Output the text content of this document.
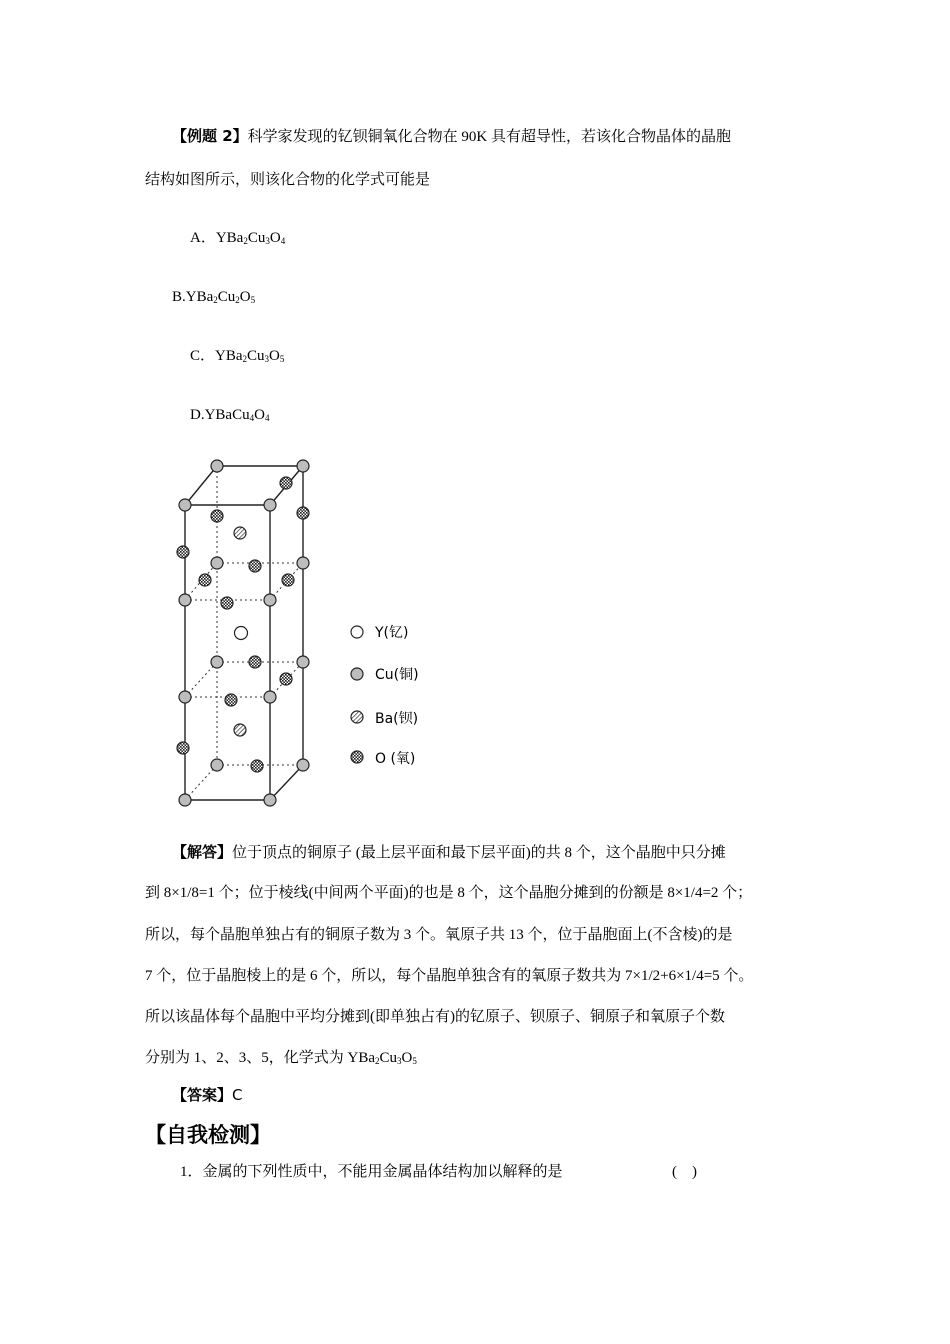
【例题 2】科学家发现的钇钡铜氧化合物在 90K 具有超导性，若该化合物晶体的晶胞
结构如图所示，则该化合物的化学式可能是
A．$YBa_2Cu_3O_4$
$B.YBa_2Cu_2O_5$
C．$YBa_2Cu_3O_5$
$D.YBaCu_4O_4$
Y(钇)
Cu(铜)
Ba(钡)
O (氧)
【解答】位于顶点的铜原子 (最上层平面和最下层平面)的共 8 个，这个晶胞中只分摊
到 8×1/8=1 个；位于棱线(中间两个平面)的也是 8 个，这个晶胞分摊到的份额是 8×1/4=2 个；
所以，每个晶胞单独占有的铜原子数为 3 个。氧原子共 13 个，位于晶胞面上(不含棱)的是
7 个，位于晶胞棱上的是 6 个，所以，每个晶胞单独含有的氧原子数共为 7×1/2+6×1/4=5 个。
所以该晶体每个晶胞中平均分摊到(即单独占有)的钇原子、钡原子、铜原子和氧原子个数
分别为 1、2、3、5，化学式为 $YBa_2Cu_3O_5$
【答案】C
【自我检测】
1．金属的下列性质中，不能用金属晶体结构加以解释的是	(    )
